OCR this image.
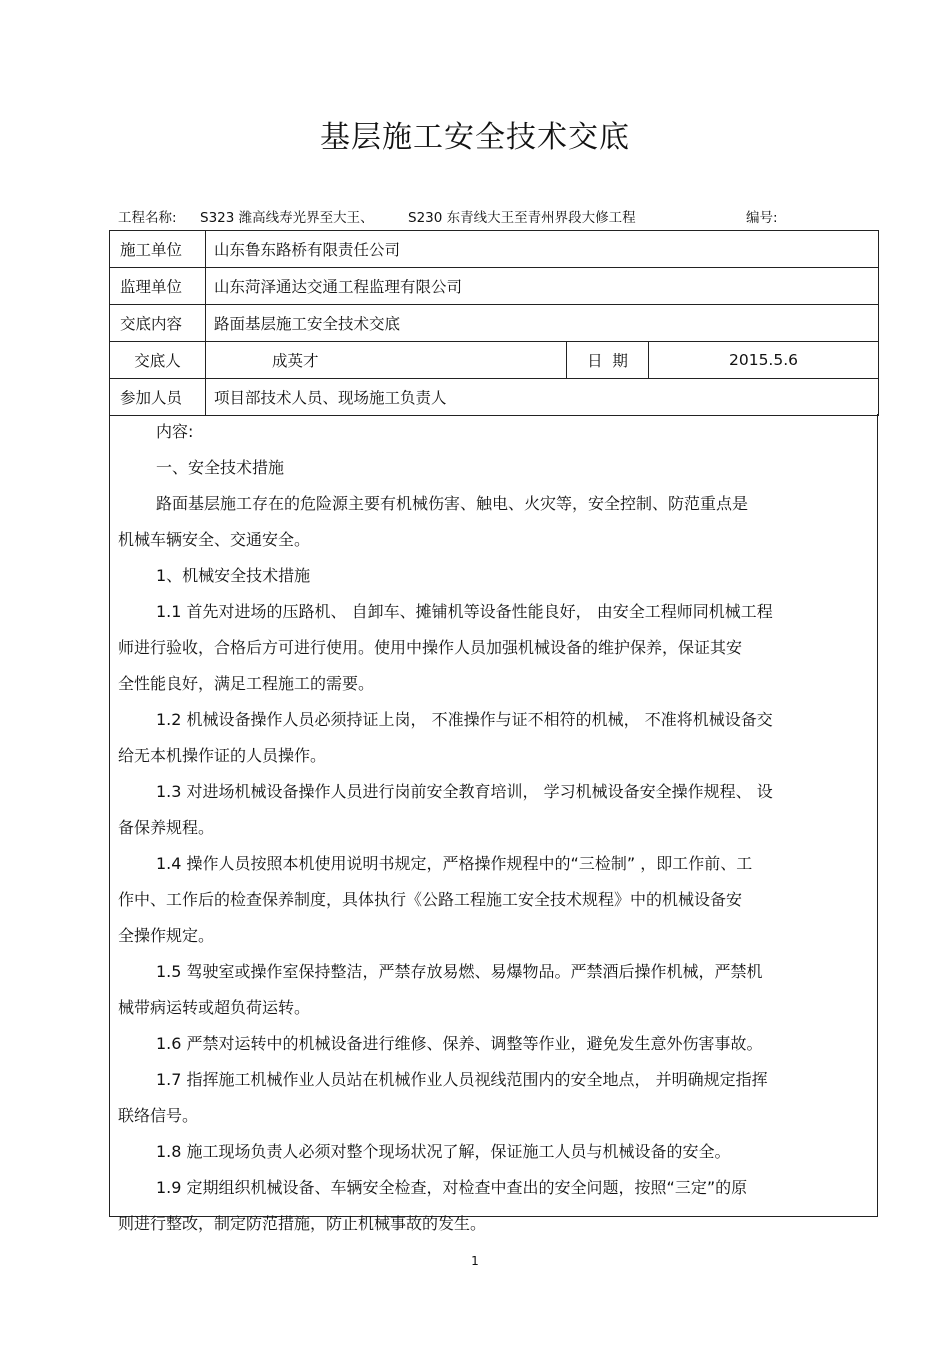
基层施工安全技术交底
工程名称: S323 潍高线寿光界至大王、	S230 东青线大王至青州界段大修工程	编号:
施工单位	山东鲁东路桥有限责任公司		
监理单位	山东菏泽通达交通工程监理有限公司		
交底内容	路面基层施工安全技术交底		
交底人	成英才	日  期	2015.5.6
参加人员	项目部技术人员、现场施工负责人		

内容:

一、安全技术措施

路面基层施工存在的危险源主要有机械伤害、触电、火灾等，安全控制、防范重点是

机械车辆安全、交通安全。

1、机械安全技术措施

1.1 首先对进场的压路机、 自卸车、摊铺机等设备性能良好， 由安全工程师同机械工程

师进行验收，合格后方可进行使用。使用中操作人员加强机械设备的维护保养，保证其安

全性能良好，满足工程施工的需要。

1.2 机械设备操作人员必须持证上岗， 不准操作与证不相符的机械， 不准将机械设备交

给无本机操作证的人员操作。

1.3 对进场机械设备操作人员进行岗前安全教育培训， 学习机械设备安全操作规程、 设

备保养规程。

1.4 操作人员按照本机使用说明书规定，严格操作规程中的“三检制” ，即工作前、工

作中、工作后的检查保养制度，具体执行《公路工程施工安全技术规程》中的机械设备安

全操作规定。

1.5 驾驶室或操作室保持整洁，严禁存放易燃、易爆物品。严禁酒后操作机械，严禁机

械带病运转或超负荷运转。

1.6 严禁对运转中的机械设备进行维修、保养、调整等作业，避免发生意外伤害事故。

1.7 指挥施工机械作业人员站在机械作业人员视线范围内的安全地点， 并明确规定指挥

联络信号。

1.8 施工现场负责人必须对整个现场状况了解，保证施工人员与机械设备的安全。

1.9 定期组织机械设备、车辆安全检查，对检查中查出的安全问题，按照“三定”的原

则进行整改，制定防范措施，防止机械事故的发生。

1
